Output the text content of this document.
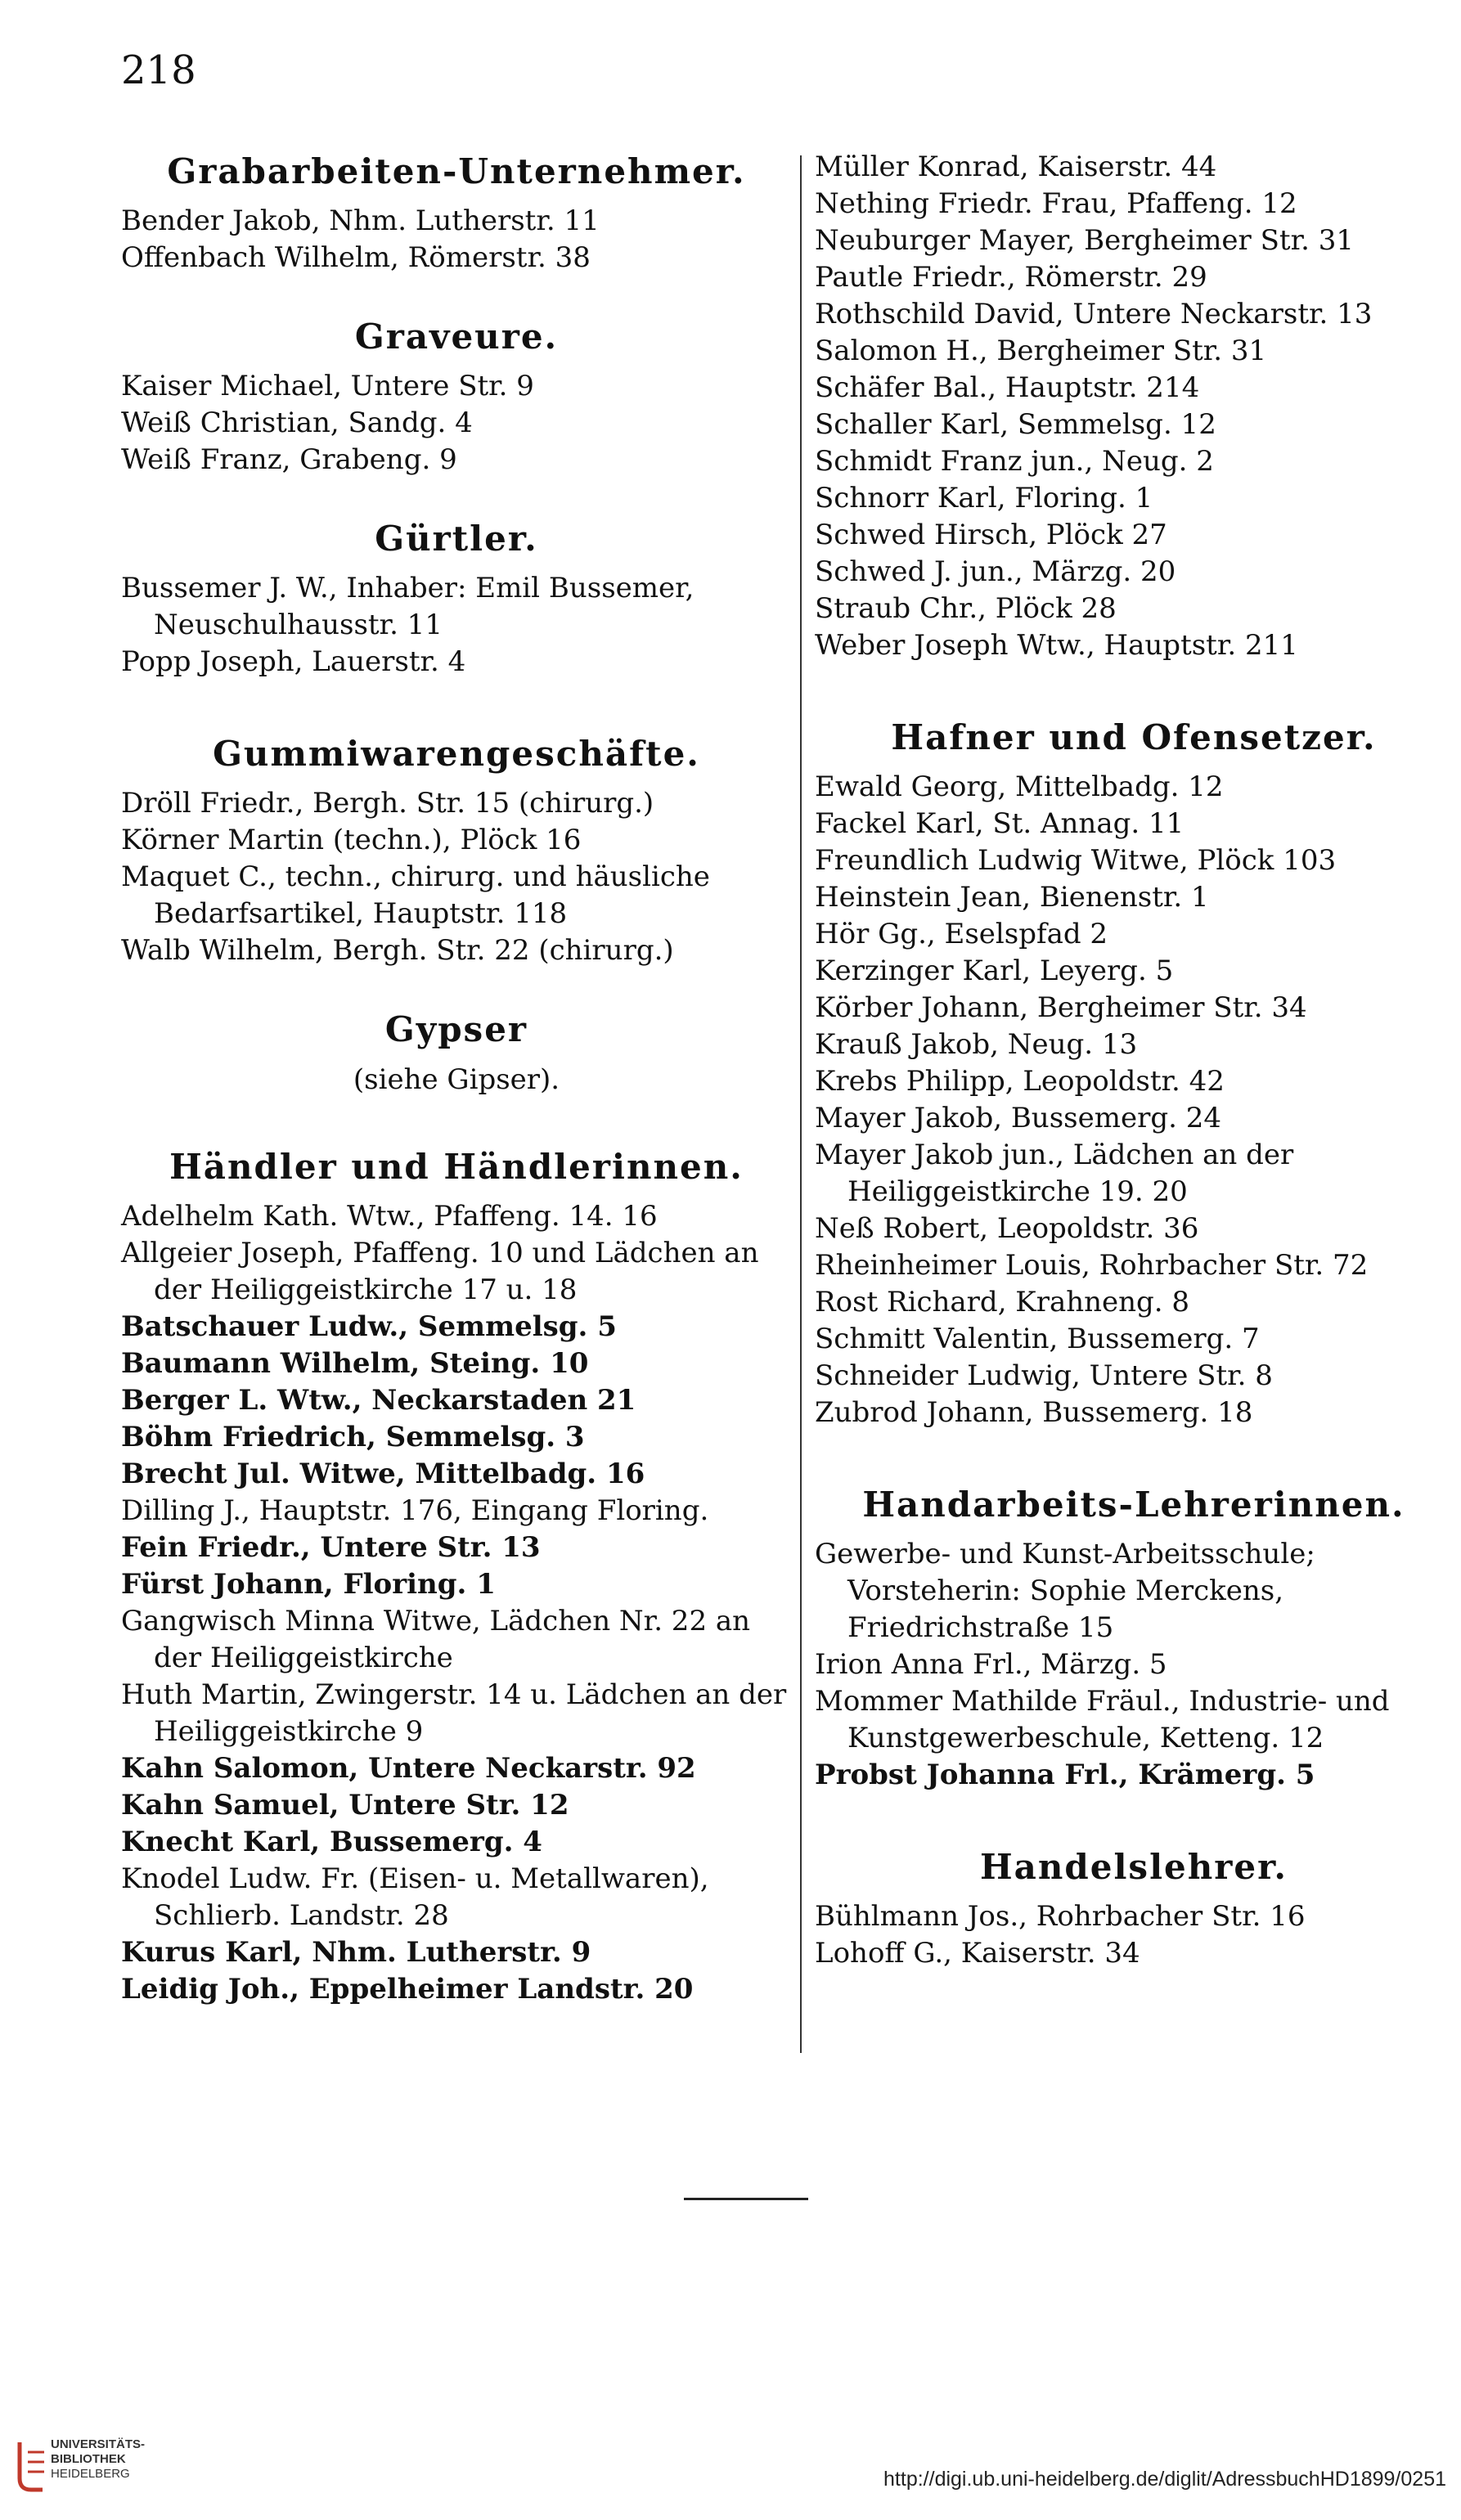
218
Grabarbeiten-Unternehmer.
Bender Jakob, Nhm. Lutherstr. 11
Offenbach Wilhelm, Römerstr. 38
Graveure.
Kaiser Michael, Untere Str. 9
Weiß Christian, Sandg. 4
Weiß Franz, Grabeng. 9
Gürtler.
Bussemer J. W., Inhaber: Emil Bussemer, Neuschulhausstr. 11
Popp Joseph, Lauerstr. 4
Gummiwarengeschäfte.
Dröll Friedr., Bergh. Str. 15 (chirurg.)
Körner Martin (techn.), Plöck 16
Maquet C., techn., chirurg. und häusliche Bedarfsartikel, Hauptstr. 118
Walb Wilhelm, Bergh. Str. 22 (chirurg.)
Gypser
(siehe Gipser).
Händler und Händlerinnen.
Adelhelm Kath. Wtw., Pfaffeng. 14. 16
Allgeier Joseph, Pfaffeng. 10 und Lädchen an der Heiliggeistkirche 17 u. 18
Batschauer Ludw., Semmelsg. 5
Baumann Wilhelm, Steing. 10
Berger L. Wtw., Neckarstaden 21
Böhm Friedrich, Semmelsg. 3
Brecht Jul. Witwe, Mittelbadg. 16
Dilling J., Hauptstr. 176, Eingang Floring.
Fein Friedr., Untere Str. 13
Fürst Johann, Floring. 1
Gangwisch Minna Witwe, Lädchen Nr. 22 an der Heiliggeistkirche
Huth Martin, Zwingerstr. 14 u. Lädchen an der Heiliggeistkirche 9
Kahn Salomon, Untere Neckarstr. 92
Kahn Samuel, Untere Str. 12
Knecht Karl, Bussemerg. 4
Knodel Ludw. Fr. (Eisen- u. Metallwaren), Schlierb. Landstr. 28
Kurus Karl, Nhm. Lutherstr. 9
Leidig Joh., Eppelheimer Landstr. 20
Müller Konrad, Kaiserstr. 44
Nething Friedr. Frau, Pfaffeng. 12
Neuburger Mayer, Bergheimer Str. 31
Pautle Friedr., Römerstr. 29
Rothschild David, Untere Neckarstr. 13
Salomon H., Bergheimer Str. 31
Schäfer Bal., Hauptstr. 214
Schaller Karl, Semmelsg. 12
Schmidt Franz jun., Neug. 2
Schnorr Karl, Floring. 1
Schwed Hirsch, Plöck 27
Schwed J. jun., Märzg. 20
Straub Chr., Plöck 28
Weber Joseph Wtw., Hauptstr. 211
Hafner und Ofensetzer.
Ewald Georg, Mittelbadg. 12
Fackel Karl, St. Annag. 11
Freundlich Ludwig Witwe, Plöck 103
Heinstein Jean, Bienenstr. 1
Hör Gg., Eselspfad 2
Kerzinger Karl, Leyerg. 5
Körber Johann, Bergheimer Str. 34
Krauß Jakob, Neug. 13
Krebs Philipp, Leopoldstr. 42
Mayer Jakob, Bussemerg. 24
Mayer Jakob jun., Lädchen an der Heiliggeistkirche 19. 20
Neß Robert, Leopoldstr. 36
Rheinheimer Louis, Rohrbacher Str. 72
Rost Richard, Krahneng. 8
Schmitt Valentin, Bussemerg. 7
Schneider Ludwig, Untere Str. 8
Zubrod Johann, Bussemerg. 18
Handarbeits-Lehrerinnen.
Gewerbe- und Kunst-Arbeitsschule; Vorsteherin: Sophie Merckens, Friedrichstraße 15
Irion Anna Frl., Märzg. 5
Mommer Mathilde Fräul., Industrie- und Kunstgewerbeschule, Ketteng. 12
Probst Johanna Frl., Krämerg. 5
Handelslehrer.
Bühlmann Jos., Rohrbacher Str. 16
Lohoff G., Kaiserstr. 34
UNIVERSITÄTS-
BIBLIOTHEK
HEIDELBERG	http://digi.ub.uni-heidelberg.de/diglit/AdressbuchHD1899/0251
